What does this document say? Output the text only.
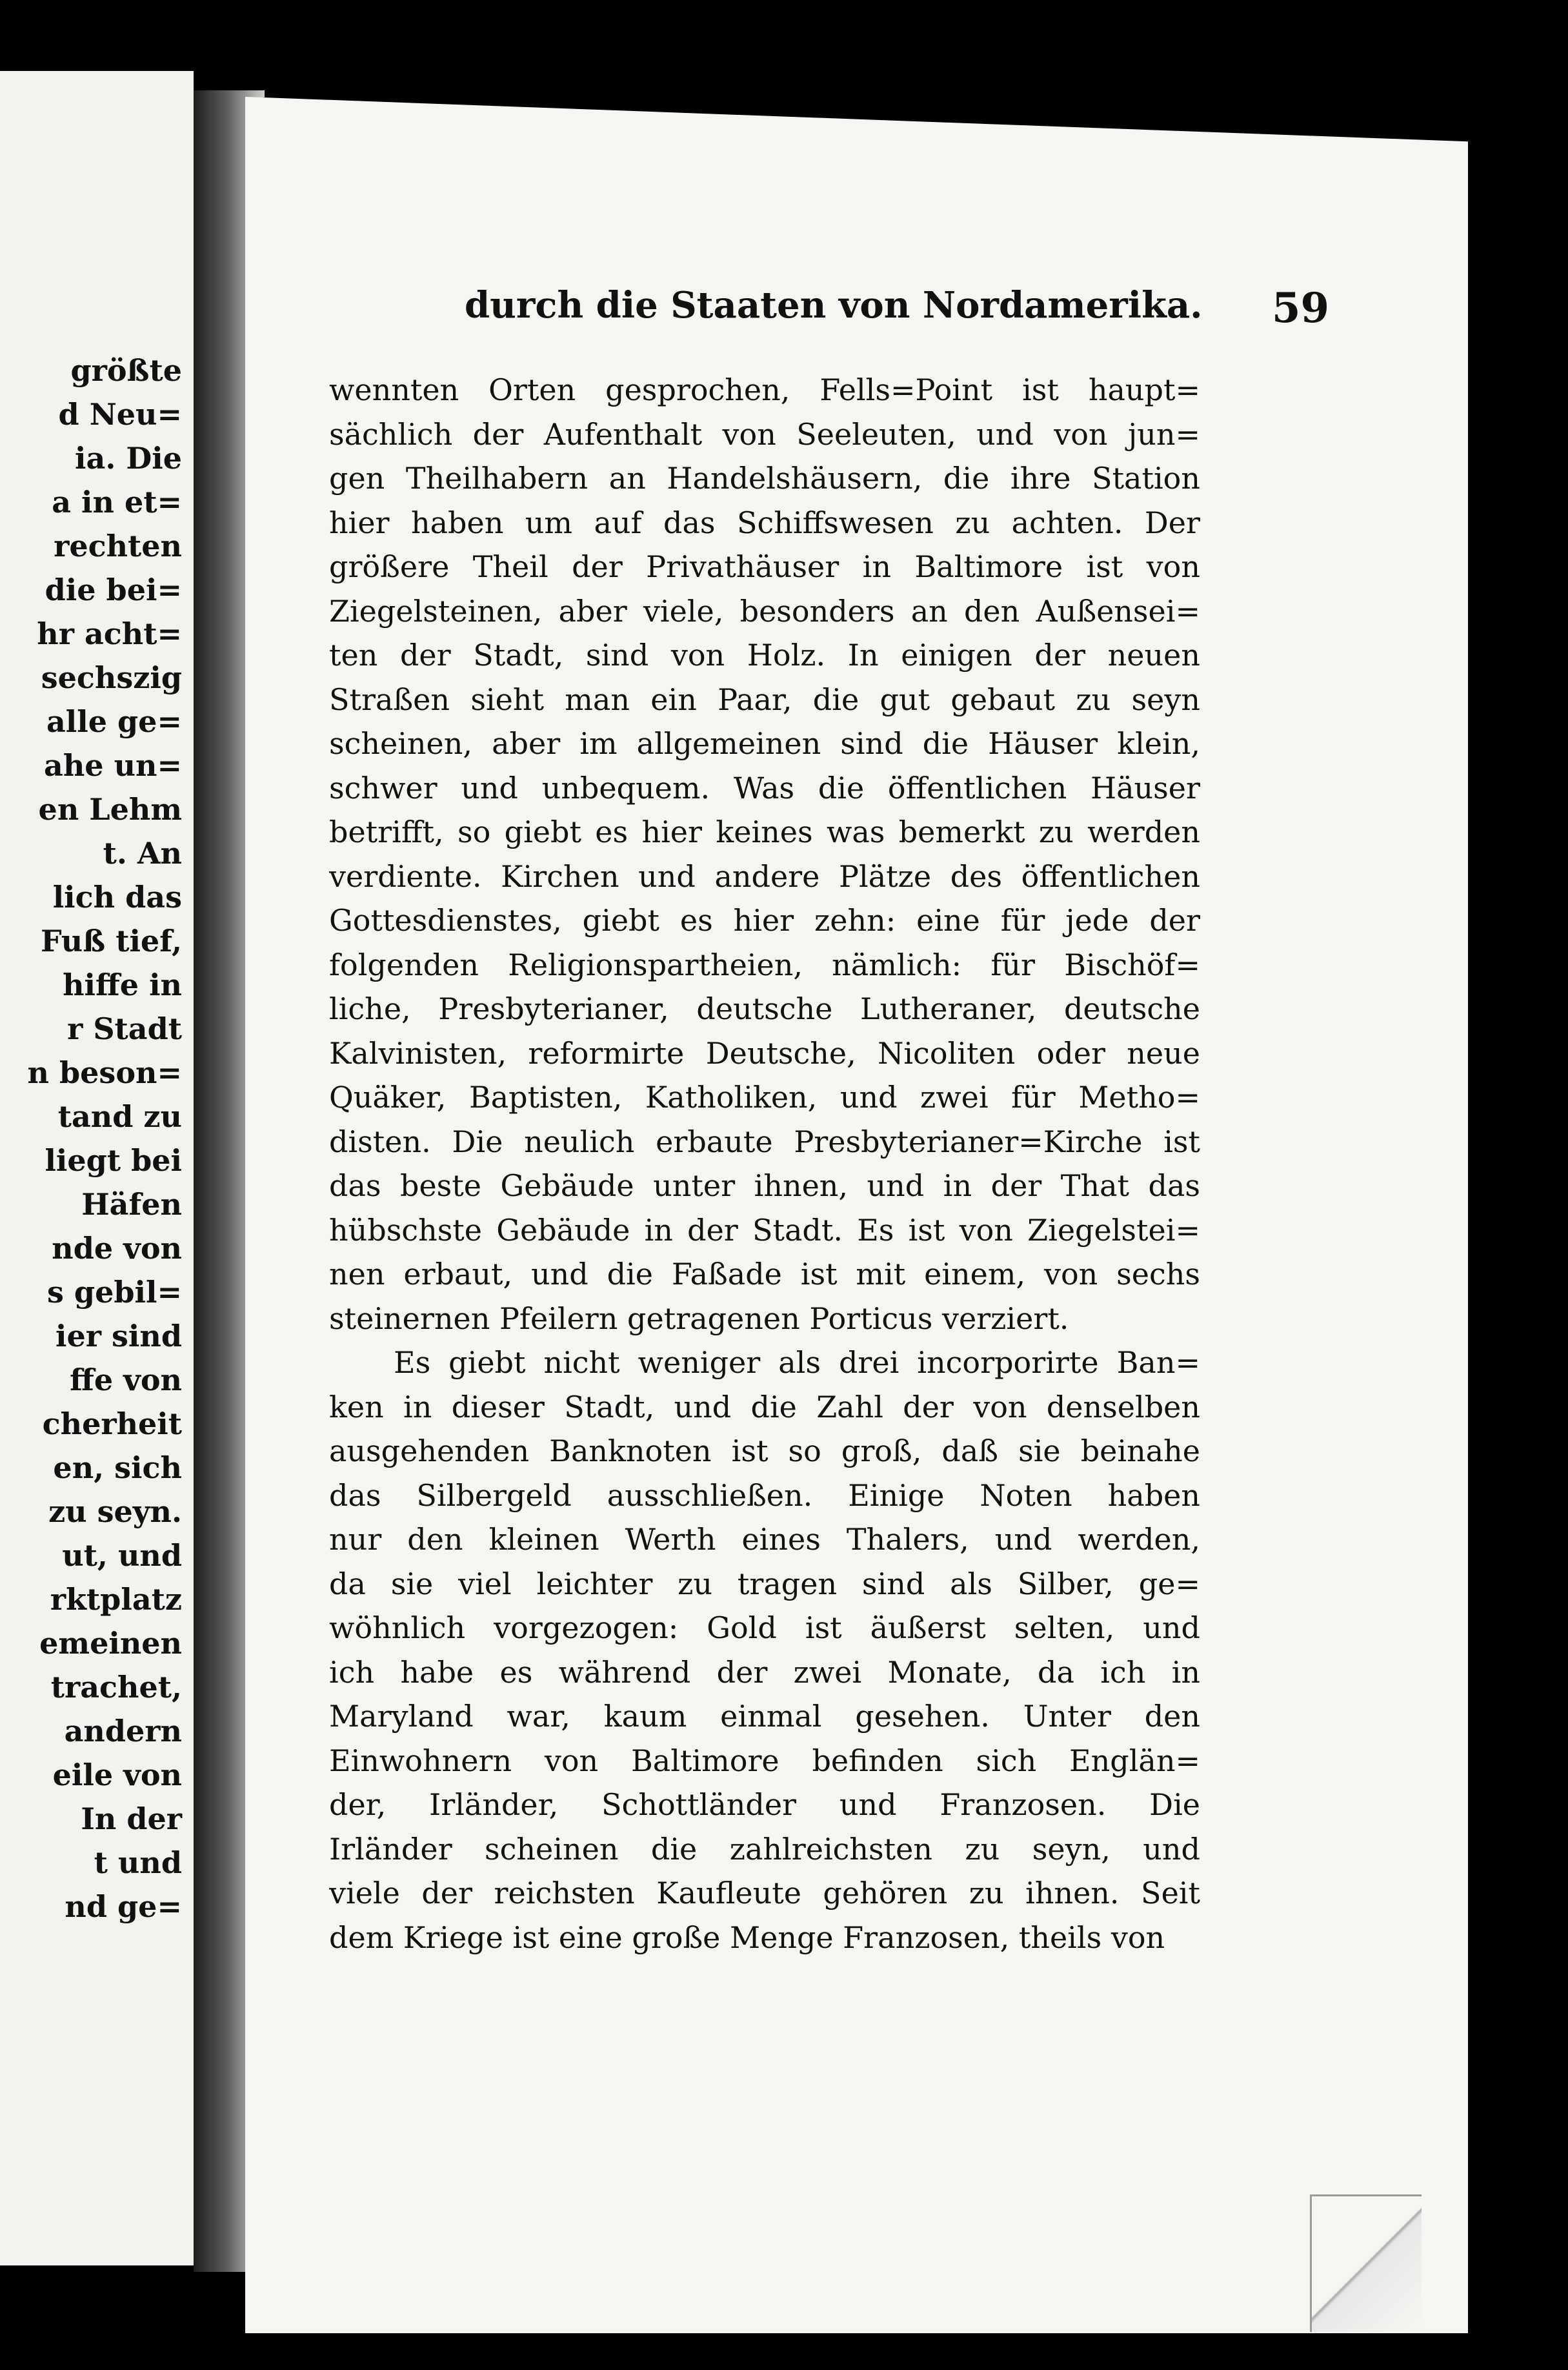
größte
d Neu=
ia. Die
a in et=
rechten
die bei=
hr acht=
sechszig
alle ge=
ahe un=
en Lehm
t. An
lich das
Fuß tief,
hiffe in
r Stadt
n beson=
tand zu
liegt bei
Häfen
nde von
s gebil=
ier sind
ffe von
cherheit
en, sich
zu seyn.
ut, und
rktplatz
emeinen
trachet,
andern
eile von
In der
t und
nd ge=
durch die Staaten von Nordamerika. 59
wennten Orten gesprochen, Fells=Point ist haupt=
sächlich der Aufenthalt von Seeleuten, und von jun=
gen Theilhabern an Handelshäusern, die ihre Station
hier haben um auf das Schiffswesen zu achten. Der
größere Theil der Privathäuser in Baltimore ist von
Ziegelsteinen, aber viele, besonders an den Außensei=
ten der Stadt, sind von Holz. In einigen der neuen
Straßen sieht man ein Paar, die gut gebaut zu seyn
scheinen, aber im allgemeinen sind die Häuser klein,
schwer und unbequem. Was die öffentlichen Häuser
betrifft, so giebt es hier keines was bemerkt zu werden
verdiente. Kirchen und andere Plätze des öffentlichen
Gottesdienstes, giebt es hier zehn: eine für jede der
folgenden Religionspartheien, nämlich: für Bischöf=
liche, Presbyterianer, deutsche Lutheraner, deutsche
Kalvinisten, reformirte Deutsche, Nicoliten oder neue
Quäker, Baptisten, Katholiken, und zwei für Metho=
disten. Die neulich erbaute Presbyterianer=Kirche ist
das beste Gebäude unter ihnen, und in der That das
hübschste Gebäude in der Stadt. Es ist von Ziegelstei=
nen erbaut, und die Faßade ist mit einem, von sechs
steinernen Pfeilern getragenen Porticus verziert.
Es giebt nicht weniger als drei incorporirte Ban=
ken in dieser Stadt, und die Zahl der von denselben
ausgehenden Banknoten ist so groß, daß sie beinahe
das Silbergeld ausschließen. Einige Noten haben
nur den kleinen Werth eines Thalers, und werden,
da sie viel leichter zu tragen sind als Silber, ge=
wöhnlich vorgezogen: Gold ist äußerst selten, und
ich habe es während der zwei Monate, da ich in
Maryland war, kaum einmal gesehen. Unter den
Einwohnern von Baltimore befinden sich Englän=
der, Irländer, Schottländer und Franzosen. Die
Irländer scheinen die zahlreichsten zu seyn, und
viele der reichsten Kaufleute gehören zu ihnen. Seit
dem Kriege ist eine große Menge Franzosen, theils von
